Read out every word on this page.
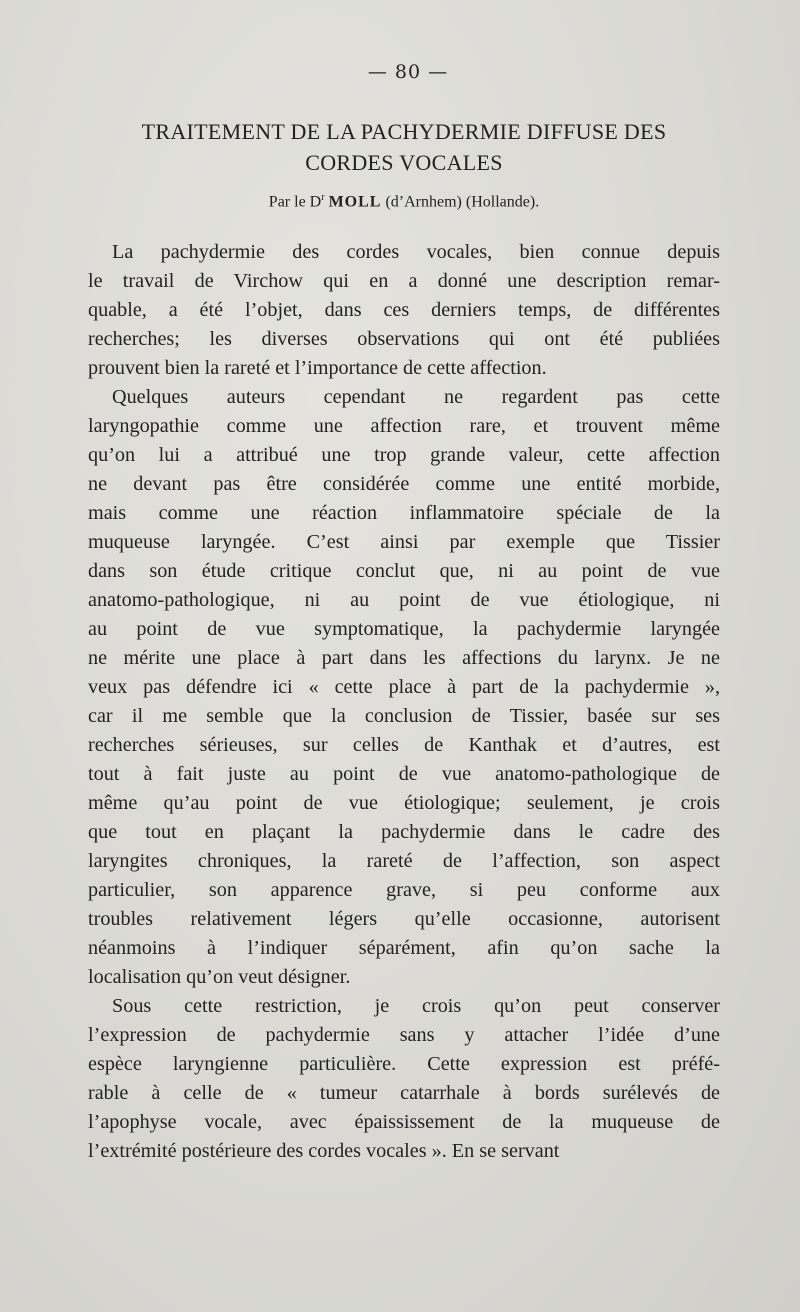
— 80 —
TRAITEMENT DE LA PACHYDERMIE DIFFUSE DES
CORDES VOCALES
Par le $D^r$ MOLL (d’Arnhem) (Hollande).
La pachydermie des cordes vocales, bien connue depuis
le travail de Virchow qui en a donné une description remar-
quable, a été l’objet, dans ces derniers temps, de différentes
recherches; les diverses observations qui ont été publiées
prouvent bien la rareté et l’importance de cette affection.
Quelques auteurs cependant ne regardent pas cette
laryngopathie comme une affection rare, et trouvent même
qu’on lui a attribué une trop grande valeur, cette affection
ne devant pas être considérée comme une entité morbide,
mais comme une réaction inflammatoire spéciale de la
muqueuse laryngée. C’est ainsi par exemple que Tissier
dans son étude critique conclut que, ni au point de vue
anatomo-pathologique, ni au point de vue étiologique, ni
au point de vue symptomatique, la pachydermie laryngée
ne mérite une place à part dans les affections du larynx. Je ne
veux pas défendre ici « cette place à part de la pachydermie »,
car il me semble que la conclusion de Tissier, basée sur ses
recherches sérieuses, sur celles de Kanthak et d’autres, est
tout à fait juste au point de vue anatomo-pathologique de
même qu’au point de vue étiologique; seulement, je crois
que tout en plaçant la pachydermie dans le cadre des
laryngites chroniques, la rareté de l’affection, son aspect
particulier, son apparence grave, si peu conforme aux
troubles relativement légers qu’elle occasionne, autorisent
néanmoins à l’indiquer séparément, afin qu’on sache la
localisation qu’on veut désigner.
Sous cette restriction, je crois qu’on peut conserver
l’expression de pachydermie sans y attacher l’idée d’une
espèce laryngienne particulière. Cette expression est préfé-
rable à celle de « tumeur catarrhale à bords surélevés de
l’apophyse vocale, avec épaississement de la muqueuse de
l’extrémité postérieure des cordes vocales ». En se servant
